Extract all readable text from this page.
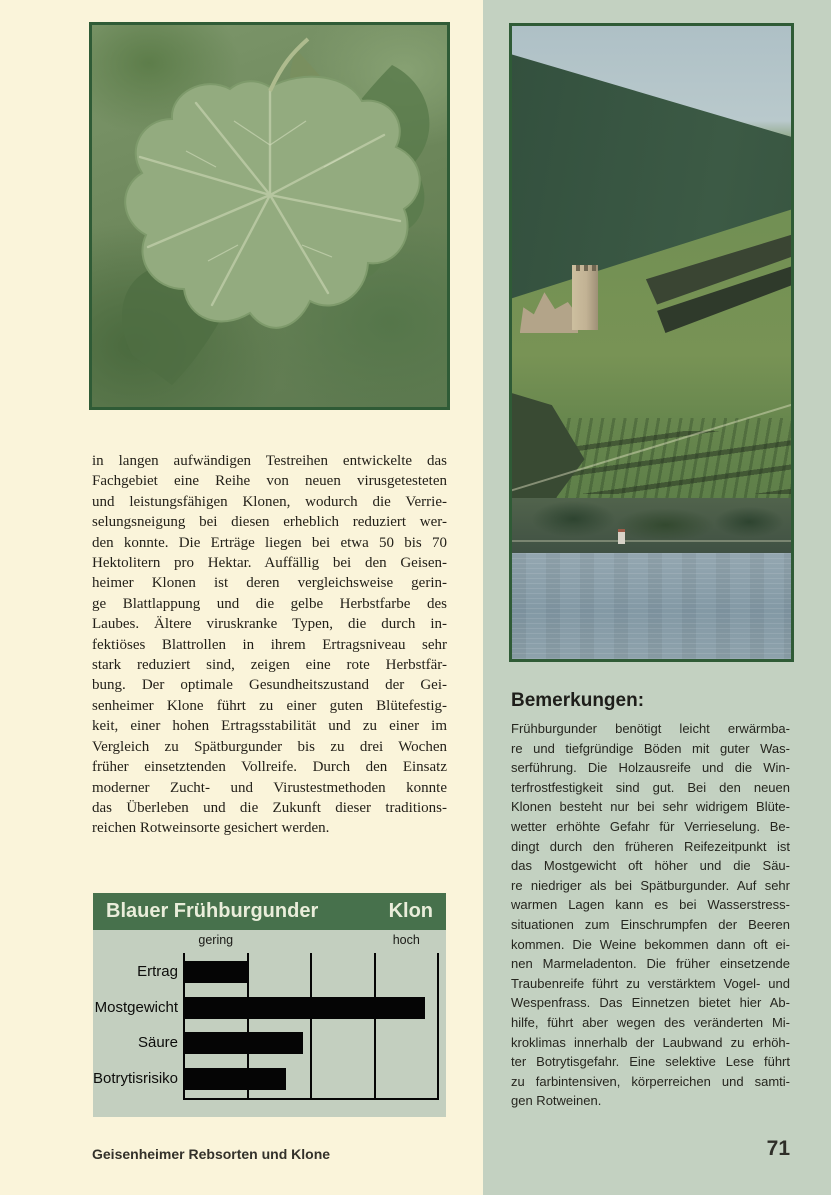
in langen aufwändigen Testreihen entwickelte das
Fachgebiet eine Reihe von neuen virusgetesteten
und leistungsfähigen Klonen, wodurch die Verrie-
selungsneigung bei diesen erheblich reduziert wer-
den konnte. Die Erträge liegen bei etwa 50 bis 70
Hektolitern pro Hektar. Auffällig bei den Geisen-
heimer Klonen ist deren vergleichsweise gerin-
ge Blattlappung und die gelbe Herbstfarbe des
Laubes. Ältere viruskranke Typen, die durch in-
fektiöses Blattrollen in ihrem Ertragsniveau sehr
stark reduziert sind, zeigen eine rote Herbstfär-
bung. Der optimale Gesundheitszustand der Gei-
senheimer Klone führt zu einer guten Blütefestig-
keit, einer hohen Ertragsstabilität und zu einer im
Vergleich zu Spätburgunder bis zu drei Wochen
früher einsetztenden Vollreife. Durch den Einsatz
moderner Zucht- und Virustestmethoden konnte
das Überleben und die Zukunft dieser traditions-
reichen Rotweinsorte gesichert werden.
Blauer Frühburgunder	Klon
gering	hoch
Ertrag
Mostgewicht
Säure
Botrytisrisiko
Geisenheimer Rebsorten und Klone
Bemerkungen:
Frühburgunder benötigt leicht erwärmba-
re und tiefgründige Böden mit guter Was-
serführung. Die Holzausreife und die Win-
terfrostfestigkeit sind gut. Bei den neuen
Klonen besteht nur bei sehr widrigem Blüte-
wetter erhöhte Gefahr für Verrieselung. Be-
dingt durch den früheren Reifezeitpunkt ist
das Mostgewicht oft höher und die Säu-
re niedriger als bei Spätburgunder. Auf sehr
warmen Lagen kann es bei Wasserstress-
situationen zum Einschrumpfen der Beeren
kommen. Die Weine bekommen dann oft ei-
nen Marmeladenton. Die früher einsetzende
Traubenreife führt zu verstärktem Vogel- und
Wespenfrass. Das Einnetzen bietet hier Ab-
hilfe, führt aber wegen des veränderten Mi-
kroklimas innerhalb der Laubwand zu erhöh-
ter Botrytisgefahr. Eine selektive Lese führt
zu farbintensiven, körperreichen und samti-
gen Rotweinen.
71
